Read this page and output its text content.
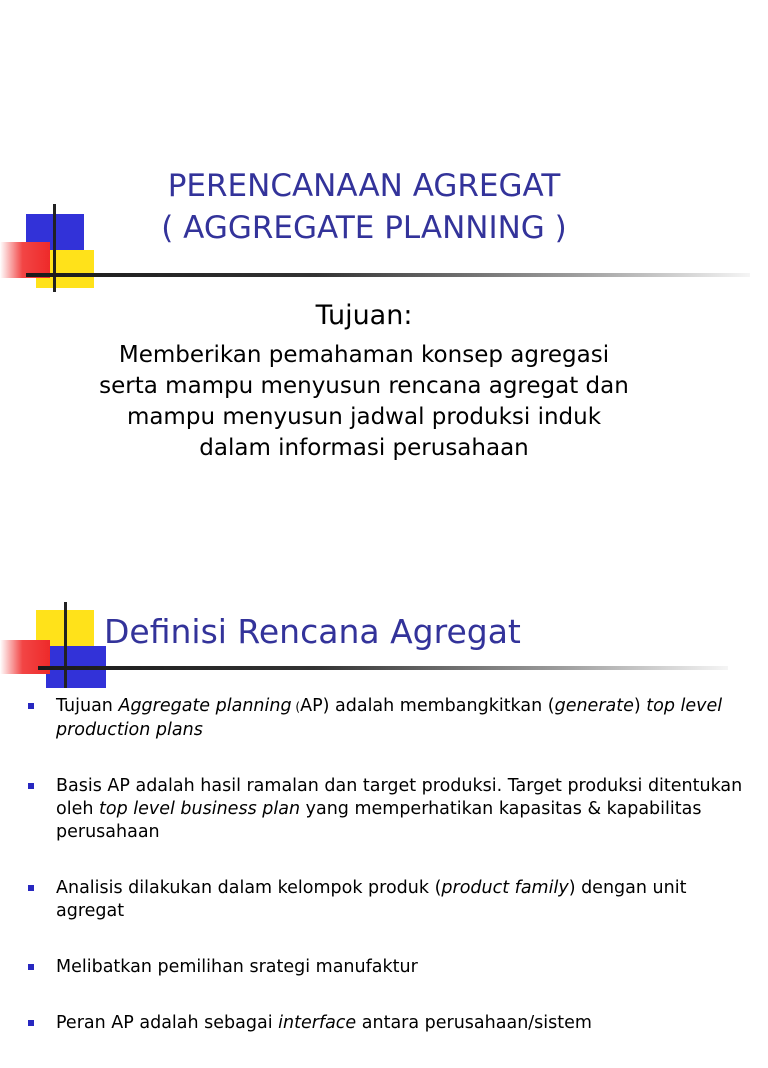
PERENCANAAN AGREGAT
( AGGREGATE PLANNING )
Tujuan:
Memberikan pemahaman konsep agregasi
serta mampu menyusun rencana agregat dan
mampu menyusun jadwal produksi induk
dalam informasi perusahaan
Definisi Rencana Agregat
Tujuan Aggregate planning (AP) adalah membangkitkan (generate) top level production plans
Basis AP adalah hasil ramalan dan target produksi. Target produksi ditentukan oleh top level business plan yang memperhatikan kapasitas & kapabilitas perusahaan
Analisis dilakukan dalam kelompok produk (product family) dengan unit agregat
Melibatkan pemilihan srategi manufaktur
Peran AP adalah sebagai interface antara perusahaan/sistem
